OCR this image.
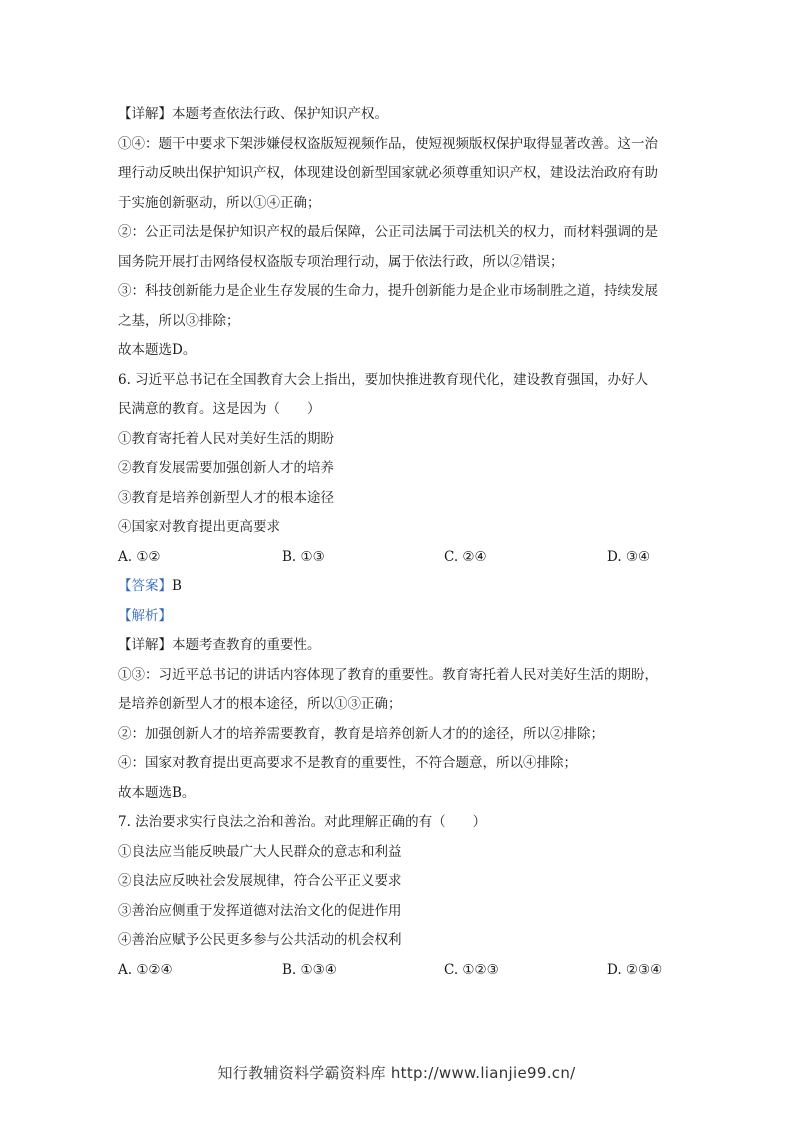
【详解】本题考查依法行政、保护知识产权。
①④：题干中要求下架涉嫌侵权盗版短视频作品，使短视频版权保护取得显著改善。这一治
理行动反映出保护知识产权，体现建设创新型国家就必须尊重知识产权，建设法治政府有助
于实施创新驱动，所以①④正确；
②：公正司法是保护知识产权的最后保障，公正司法属于司法机关的权力，而材料强调的是
国务院开展打击网络侵权盗版专项治理行动，属于依法行政，所以②错误；
③：科技创新能力是企业生存发展的生命力，提升创新能力是企业市场制胜之道，持续发展
之基，所以③排除；
故本题选D。
6. 习近平总书记在全国教育大会上指出，要加快推进教育现代化，建设教育强国，办好人
民满意的教育。这是因为（　　）
①教育寄托着人民对美好生活的期盼
②教育发展需要加强创新人才的培养
③教育是培养创新型人才的根本途径
④国家对教育提出更高要求
A. ①②	B. ①③	C. ②④	D. ③④
【答案】B
【解析】
【详解】本题考查教育的重要性。
①③：习近平总书记的讲话内容体现了教育的重要性。教育寄托着人民对美好生活的期盼，
是培养创新型人才的根本途径，所以①③正确；
②：加强创新人才的培养需要教育，教育是培养创新人才的的途径，所以②排除；
④：国家对教育提出更高要求不是教育的重要性，不符合题意，所以④排除；
故本题选B。
7. 法治要求实行良法之治和善治。对此理解正确的有（　　）
①良法应当能反映最广大人民群众的意志和利益
②良法应反映社会发展规律，符合公平正义要求
③善治应侧重于发挥道德对法治文化的促进作用
④善治应赋予公民更多参与公共活动的机会权利
A. ①②④	B. ①③④	C. ①②③	D. ②③④
知行教辅资料学霸资料库 http://www.lianjie99.cn/
